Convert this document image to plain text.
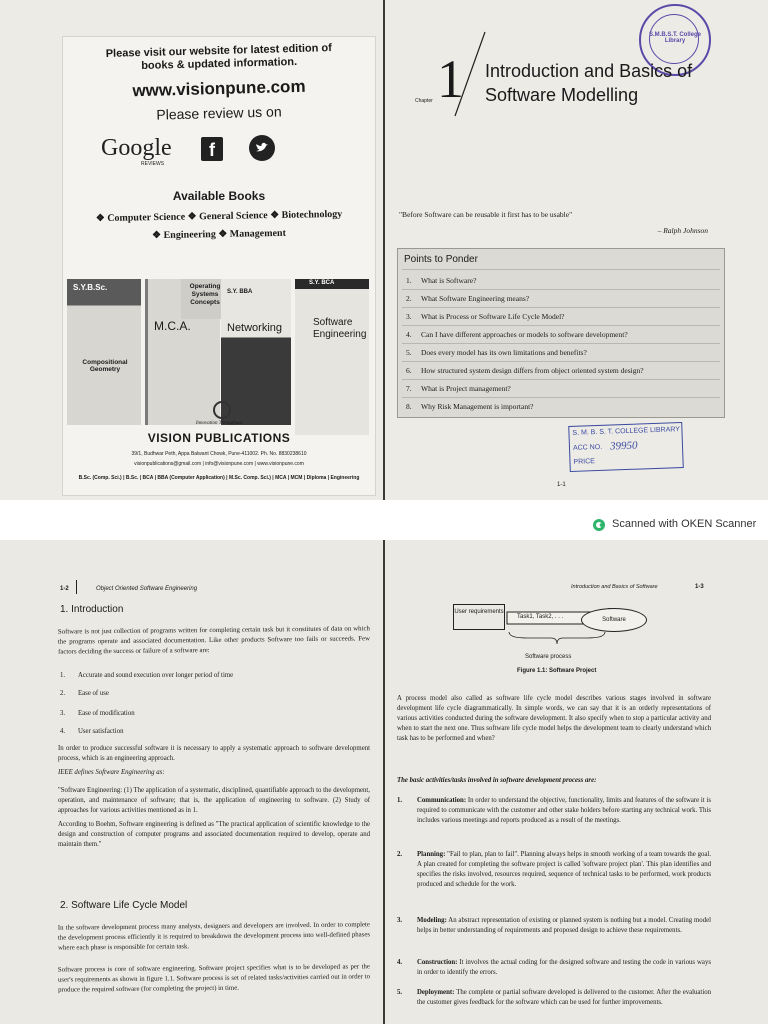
Please visit our website for latest edition of books & updated information.
www.visionpune.com
Please review us on
Google
REVIEWS
f
Available Books
❖ Computer Science ❖ General Science ❖ Biotechnology
❖ Engineering ❖ Management
S.Y.B.Sc.
Compositional Geometry
M.C.A.
Operating Systems Concepts
S.Y. BBA
Networking
S.Y. BCA
Software Engineering
Innovation Throughout
VISION PUBLICATIONS
39/1, Budhwar Peth, Appa Balwant Chowk, Pune-411002. Ph. No. 8830238610
visionpublications@gmail.com | info@visionpune.com | www.visionpune.com
B.Sc. (Comp. Sci.) | B.Sc. | BCA | BBA (Computer Application) | M.Sc. Comp. Sci.) | MCA | MCM | Diploma | Engineering
S.M.B.S.T. College Library
Chapter 1 Introduction and Basics of
Software Modelling
"Before Software can be reusable it first has to be usable"
– Ralph Johnson
Points to Ponder
1. What is Software?
2. What Software Engineering means?
3. What is Process or Software Life Cycle Model?
4. Can I have different approaches or models to software development?
5. Does every model has its own limitations and benefits?
6. How structured system design differs from object oriented system design?
7. What is Project management?
8. Why Risk Management is important?
S. M. B. S. T. COLLEGE LIBRARY
ACC NO. 39950
PRICE
1-1
Scanned with OKEN Scanner
1-2	Object Oriented Software Engineering
1. Introduction
Software is not just collection of programs written for completing certain task but it constitutes of data on which the programs operate and associated documentation. Like other products Software too fails or succeeds. Few factors deciding the success or failure of a software are:
1. Accurate and sound execution over longer period of time
2. Ease of use
3. Ease of modification
4. User satisfaction
In order to produce successful software it is necessary to apply a systematic approach to software development process, which is an engineering approach.
IEEE defines Software Engineering as:
"Software Engineering: (1) The application of a systematic, disciplined, quantifiable approach to the development, operation, and maintenance of software; that is, the application of engineering to software. (2) Study of approaches for various activities mentioned as in 1.
According to Boehm, Software engineering is defined as "The practical application of scientific knowledge to the design and construction of computer programs and associated documentation required to develop, operate and maintain them."
2. Software Life Cycle Model
In the software development process many analysts, designers and developers are involved. In order to complete the development process efficiently it is required to breakdown the development process into well-defined phases where each phase is responsible for certain task.
Software process is core of software engineering. Software project specifies what is to be developed as per the user's requirements as shown in figure 1.1. Software process is set of related tasks/activities carried out in order to produce the required software (for completing the project) in time.
Introduction and Basics of Software	1-3
User requirements
Task1, Task2, . . .	Software
Software process
Figure 1.1: Software Project
A process model also called as software life cycle model describes various stages involved in software development life cycle diagrammatically. In simple words, we can say that it is an orderly representations of various activities conducted during the software development. It also specify when to stop a particular activity and when to start the next one. Thus software life cycle model helps the development team to clearly understand which task has to be performed and when?
The basic activities/tasks involved in software development process are:
1. Communication: In order to understand the objective, functionality, limits and features of the software it is required to communicate with the customer and other stake holders before starting any technical work. This includes various meetings and reports produced as a result of the meetings.
2. Planning: "Fail to plan, plan to fail". Planning always helps in smooth working of a team towards the goal. A plan created for completing the software project is called 'software project plan'. This plan identifies and specifies the risks involved, resources required, sequence of technical tasks to be performed, work products produced and schedule for the work.
3. Modeling: An abstract representation of existing or planned system is nothing but a model. Creating model helps in better understanding of requirements and proposed design to achieve these requirements.
4. Construction: It involves the actual coding for the designed software and testing the code in various ways in order to identify the errors.
5. Deployment: The complete or partial software developed is delivered to the customer. After the evaluation the customer gives feedback for the software which can be used for further improvements.
